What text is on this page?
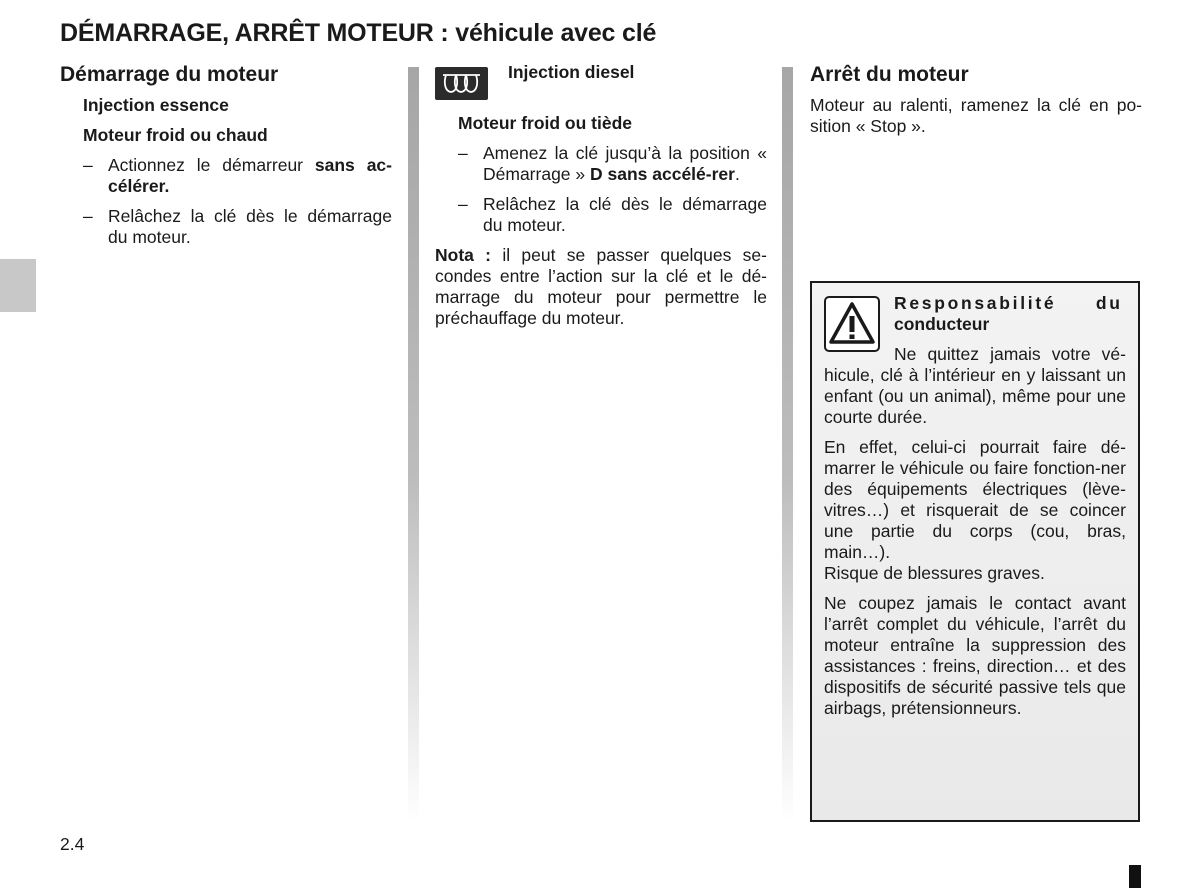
DÉMARRAGE, ARRÊT MOTEUR : véhicule avec clé
Démarrage du moteur

Injection essence

Moteur froid ou chaud

– Actionnez le démarreur sans ac-célérer.
– Relâchez la clé dès le démarrage du moteur.

Injection diesel

Moteur froid ou tiède

– Amenez la clé jusqu’à la position « Démarrage » D sans accélé-rer.
– Relâchez la clé dès le démarrage du moteur.

Nota : il peut se passer quelques se-condes entre l’action sur la clé et le dé-marrage du moteur pour permettre le préchauffage du moteur.

Arrêt du moteur

Moteur au ralenti, ramenez la clé en po-sition « Stop ».

Responsabilité du
conducteur

Ne quittez jamais votre vé-hicule, clé à l’intérieur en y laissant un enfant (ou un animal), même pour une courte durée.

En effet, celui-ci pourrait faire dé-marrer le véhicule ou faire fonction-ner des équipements électriques (lève-vitres…) et risquerait de se coincer une partie du corps (cou, bras, main…).

Risque de blessures graves.

Ne coupez jamais le contact avant l’arrêt complet du véhicule, l’arrêt du moteur entraîne la suppression des assistances : freins, direction… et des dispositifs de sécurité passive tels que airbags, prétensionneurs.

2.4
